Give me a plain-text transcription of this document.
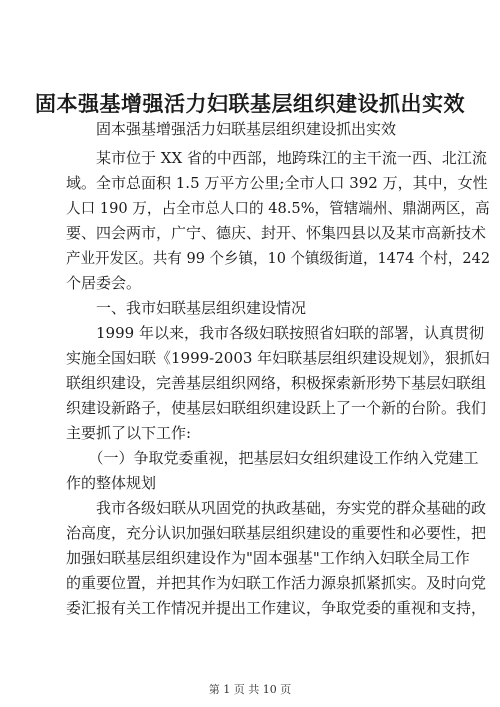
固本强基增强活力妇联基层组织建设抓出实效
固本强基增强活力妇联基层组织建设抓出实效
　　某市位于 XX 省的中西部，地跨珠江的主干流一西、北江流
域。全市总面积 1.5 万平方公里;全市人口 392 万，其中，女性
人口 190 万，占全市总人口的 48.5%，管辖端州、鼎湖两区，高
要、四会两市，广宁、德庆、封开、怀集四县以及某市高新技术
产业开发区。共有 99 个乡镇，10 个镇级街道，1474 个村，242
个居委会。
　　一、我市妇联基层组织建设情况
　　1999 年以来，我市各级妇联按照省妇联的部署，认真贯彻
实施全国妇联《1999-2003 年妇联基层组织建设规划》，狠抓妇
联组织建设，完善基层组织网络，积极探索新形势下基层妇联组
织建设新路子，使基层妇联组织建设跃上了一个新的台阶。我们
主要抓了以下工作:
　　（一）争取党委重视，把基层妇女组织建设工作纳入党建工
作的整体规划
　　我市各级妇联从巩固党的执政基础，夯实党的群众基础的政
治高度，充分认识加强妇联基层组织建设的重要性和必要性，把
加强妇联基层组织建设作为"固本强基"工作纳入妇联全局工作
的重要位置，并把其作为妇联工作活力源泉抓紧抓实。及时向党
委汇报有关工作情况并提出工作建议，争取党委的重视和支持，
第 1 页 共 10 页
